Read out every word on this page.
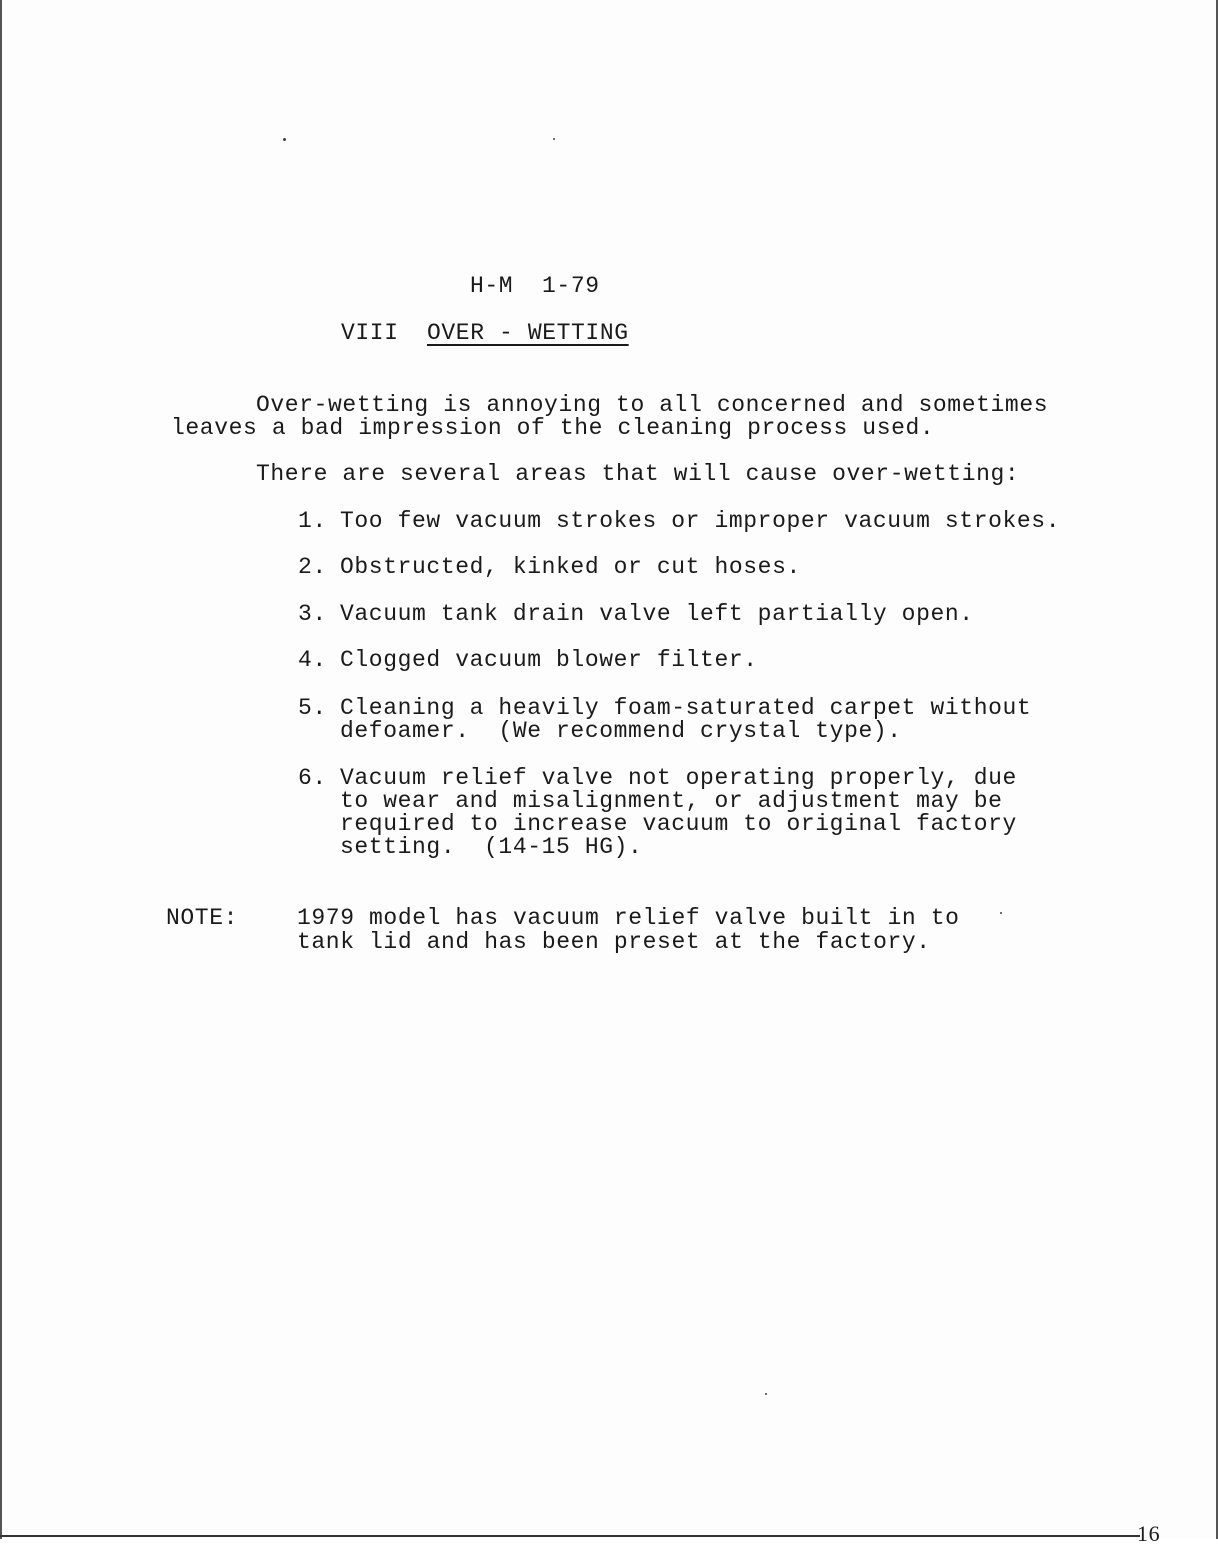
H-M  1-79
VIII OVER - WETTING
Over-wetting is annoying to all concerned and sometimes
leaves a bad impression of the cleaning process used.
There are several areas that will cause over-wetting:
1. Too few vacuum strokes or improper vacuum strokes.
2. Obstructed, kinked or cut hoses.
3. Vacuum tank drain valve left partially open.
4. Clogged vacuum blower filter.
5. Cleaning a heavily foam-saturated carpet without
defoamer.  (We recommend crystal type).
6. Vacuum relief valve not operating properly, due
to wear and misalignment, or adjustment may be
required to increase vacuum to original factory
setting.  (14-15 HG).
NOTE:	1979 model has vacuum relief valve built in to
tank lid and has been preset at the factory.
16
